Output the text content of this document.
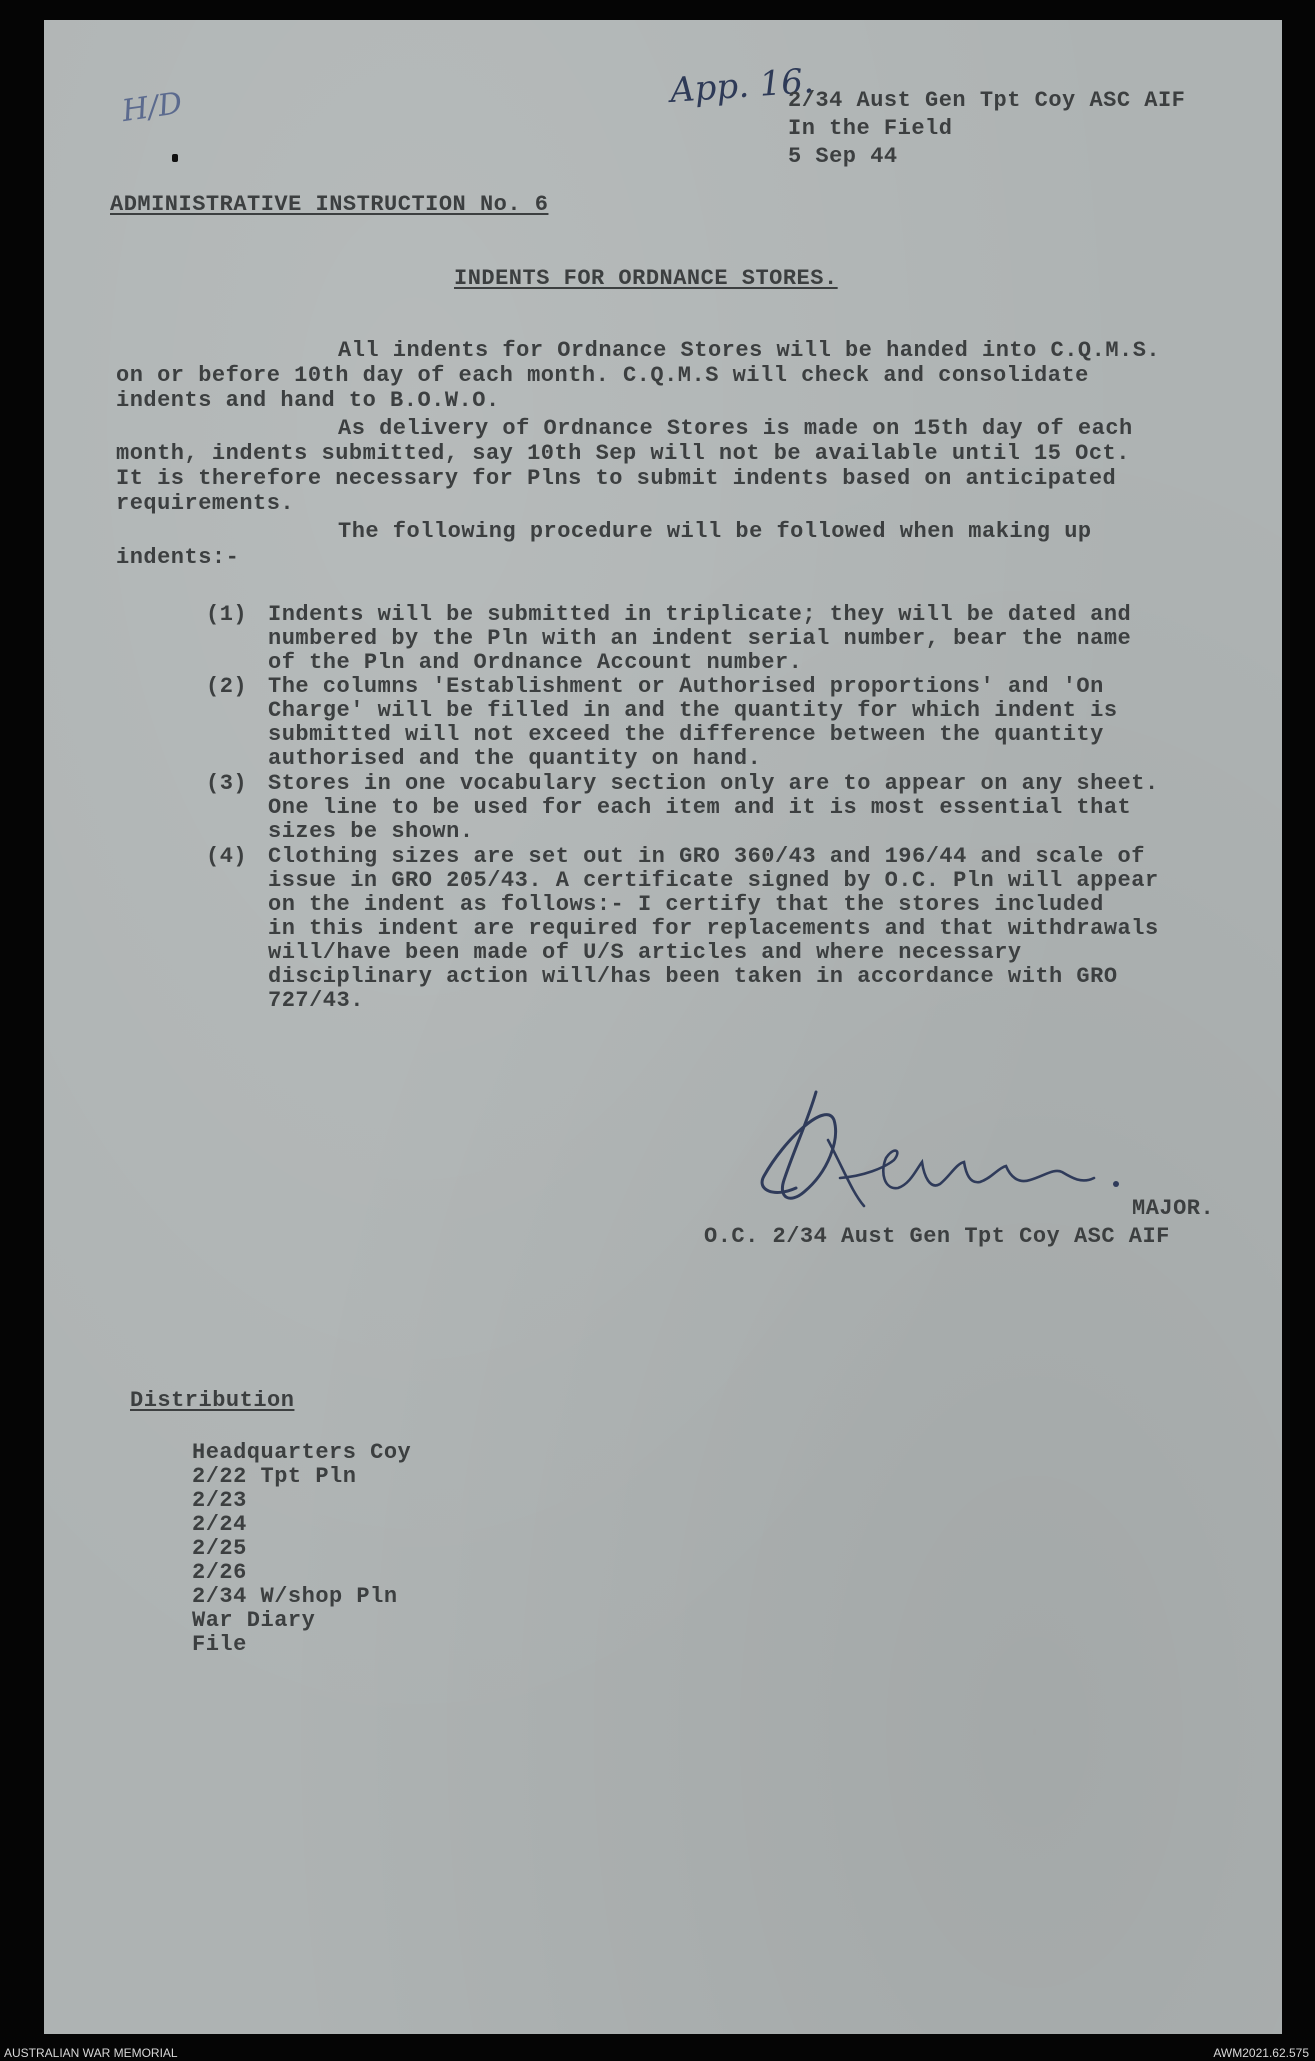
H/D	App. 16.
2/34 Aust Gen Tpt Coy ASC AIF
In the Field
5 Sep 44
ADMINISTRATIVE INSTRUCTION No. 6
INDENTS FOR ORDNANCE STORES.
All indents for Ordnance Stores will be handed into C.Q.M.S.
on or before 10th day of each month. C.Q.M.S will check and consolidate
indents and hand to B.O.W.O.
As delivery of Ordnance Stores is made on 15th day of each
month, indents submitted, say 10th Sep will not be available until 15 Oct.
It is therefore necessary for Plns to submit indents based on anticipated
requirements.
The following procedure will be followed when making up
indents:-
(1) Indents will be submitted in triplicate; they will be dated and
numbered by the Pln with an indent serial number, bear the name
of the Pln and Ordnance Account number.
(2) The columns 'Establishment or Authorised proportions' and 'On
Charge' will be filled in and the quantity for which indent is
submitted will not exceed the difference between the quantity
authorised and the quantity on hand.
(3) Stores in one vocabulary section only are to appear on any sheet.
One line to be used for each item and it is most essential that
sizes be shown.
(4) Clothing sizes are set out in GRO 360/43 and 196/44 and scale of
issue in GRO 205/43. A certificate signed by O.C. Pln will appear
on the indent as follows:- I certify that the stores included
in this indent are required for replacements and that withdrawals
will/have been made of U/S articles and where necessary
disciplinary action will/has been taken in accordance with GRO
727/43.
MAJOR.
O.C. 2/34 Aust Gen Tpt Coy ASC AIF
Distribution
Headquarters Coy
2/22 Tpt Pln
2/23
2/24
2/25
2/26
2/34 W/shop Pln
War Diary
File
AUSTRALIAN WAR MEMORIAL	AWM2021.62.575
